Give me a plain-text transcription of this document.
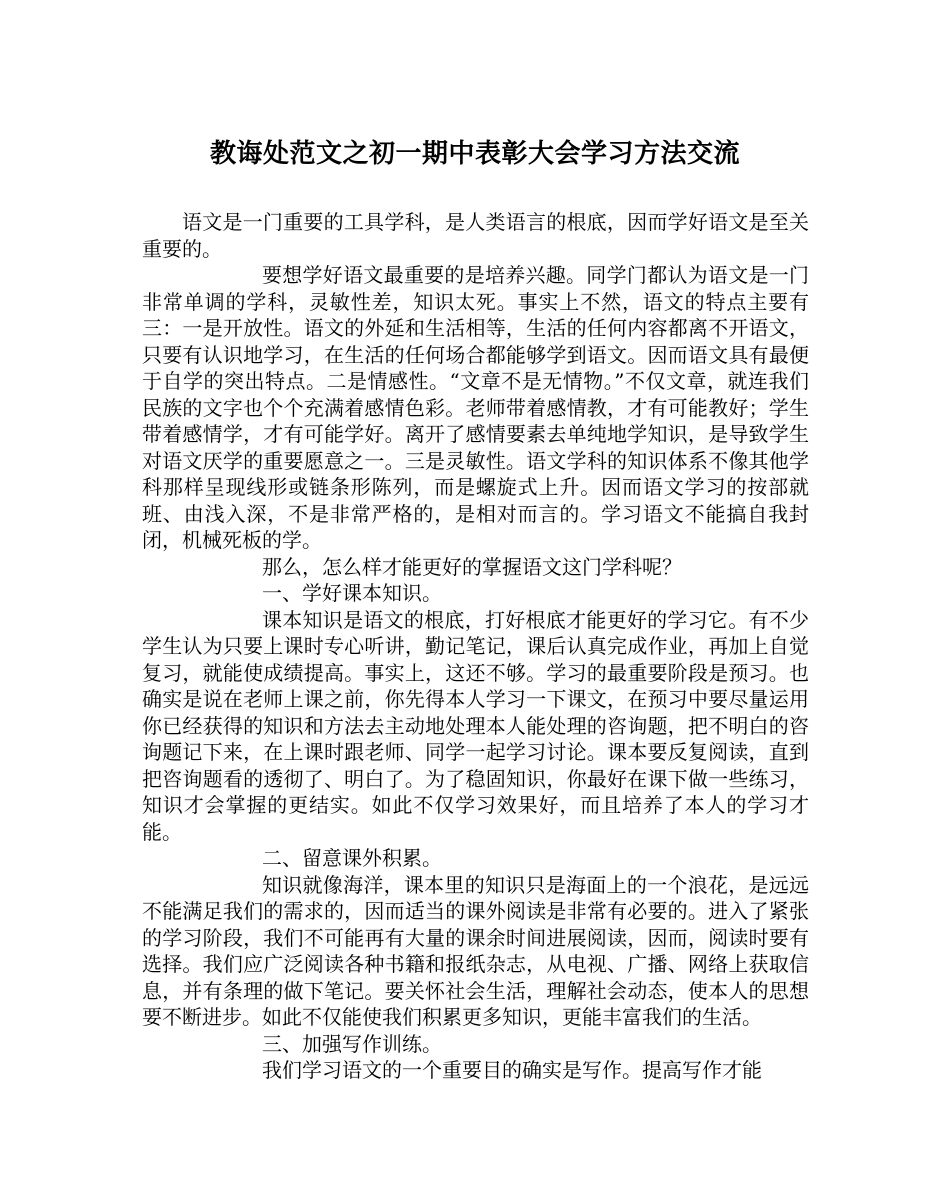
教诲处范文之初一期中表彰大会学习方法交流

语文是一门重要的工具学科，是人类语言的根底，因而学好语文是至关重要的。

要想学好语文最重要的是培养兴趣。同学门都认为语文是一门非常单调的学科，灵敏性差，知识太死。事实上不然，语文的特点主要有三：一是开放性。语文的外延和生活相等，生活的任何内容都离不开语文，只要有认识地学习，在生活的任何场合都能够学到语文。因而语文具有最便于自学的突出特点。二是情感性。“文章不是无情物。”不仅文章，就连我们民族的文字也个个充满着感情色彩。老师带着感情教，才有可能教好；学生带着感情学，才有可能学好。离开了感情要素去单纯地学知识，是导致学生对语文厌学的重要愿意之一。三是灵敏性。语文学科的知识体系不像其他学科那样呈现线形或链条形陈列，而是螺旋式上升。因而语文学习的按部就班、由浅入深，不是非常严格的，是相对而言的。学习语文不能搞自我封闭，机械死板的学。

那么，怎么样才能更好的掌握语文这门学科呢？

一、学好课本知识。

课本知识是语文的根底，打好根底才能更好的学习它。有不少学生认为只要上课时专心听讲，勤记笔记，课后认真完成作业，再加上自觉复习，就能使成绩提高。事实上，这还不够。学习的最重要阶段是预习。也确实是说在老师上课之前，你先得本人学习一下课文，在预习中要尽量运用你已经获得的知识和方法去主动地处理本人能处理的咨询题，把不明白的咨询题记下来，在上课时跟老师、同学一起学习讨论。课本要反复阅读，直到把咨询题看的透彻了、明白了。为了稳固知识，你最好在课下做一些练习，知识才会掌握的更结实。如此不仅学习效果好，而且培养了本人的学习才能。

二、留意课外积累。

知识就像海洋，课本里的知识只是海面上的一个浪花，是远远不能满足我们的需求的，因而适当的课外阅读是非常有必要的。进入了紧张的学习阶段，我们不可能再有大量的课余时间进展阅读，因而，阅读时要有选择。我们应广泛阅读各种书籍和报纸杂志，从电视、广播、网络上获取信息，并有条理的做下笔记。要关怀社会生活，理解社会动态，使本人的思想要不断进步。如此不仅能使我们积累更多知识，更能丰富我们的生活。

三、加强写作训练。

我们学习语文的一个重要目的确实是写作。提高写作才能
